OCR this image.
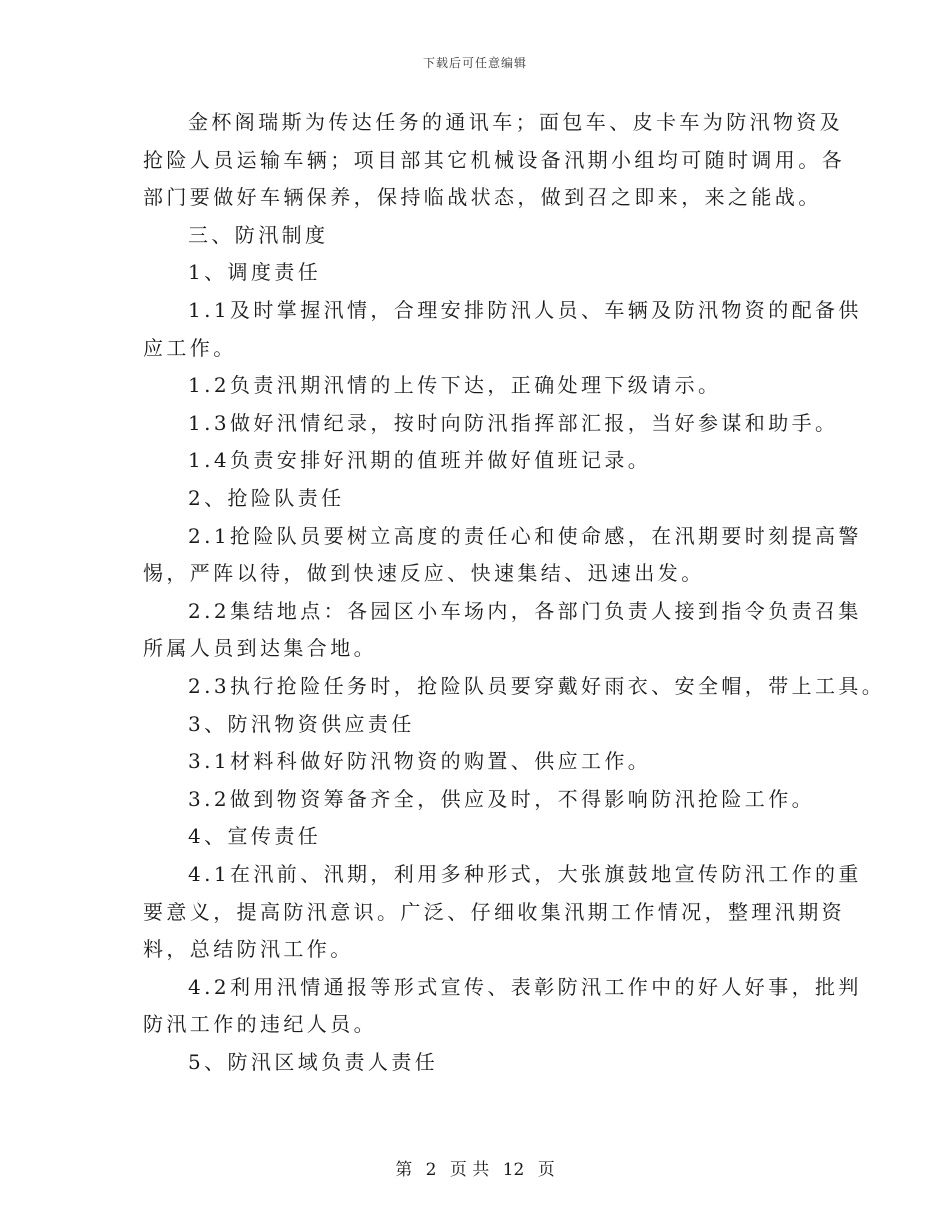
下载后可任意编辑
金杯阁瑞斯为传达任务的通讯车；面包车、皮卡车为防汛物资及
抢险人员运输车辆；项目部其它机械设备汛期小组均可随时调用。各
部门要做好车辆保养，保持临战状态，做到召之即来，来之能战。
三、防汛制度
1、调度责任
1.1及时掌握汛情，合理安排防汛人员、车辆及防汛物资的配备供
应工作。
1.2负责汛期汛情的上传下达，正确处理下级请示。
1.3做好汛情纪录，按时向防汛指挥部汇报，当好参谋和助手。
1.4负责安排好汛期的值班并做好值班记录。
2、抢险队责任
2.1抢险队员要树立高度的责任心和使命感，在汛期要时刻提高警
惕，严阵以待，做到快速反应、快速集结、迅速出发。
2.2集结地点：各园区小车场内，各部门负责人接到指令负责召集
所属人员到达集合地。
2.3执行抢险任务时，抢险队员要穿戴好雨衣、安全帽，带上工具。
3、防汛物资供应责任
3.1材料科做好防汛物资的购置、供应工作。
3.2做到物资筹备齐全，供应及时，不得影响防汛抢险工作。
4、宣传责任
4.1在汛前、汛期，利用多种形式，大张旗鼓地宣传防汛工作的重
要意义，提高防汛意识。广泛、仔细收集汛期工作情况，整理汛期资
料，总结防汛工作。
4.2利用汛情通报等形式宣传、表彰防汛工作中的好人好事，批判
防汛工作的违纪人员。
5、防汛区域负责人责任
第 2 页 共 12 页
